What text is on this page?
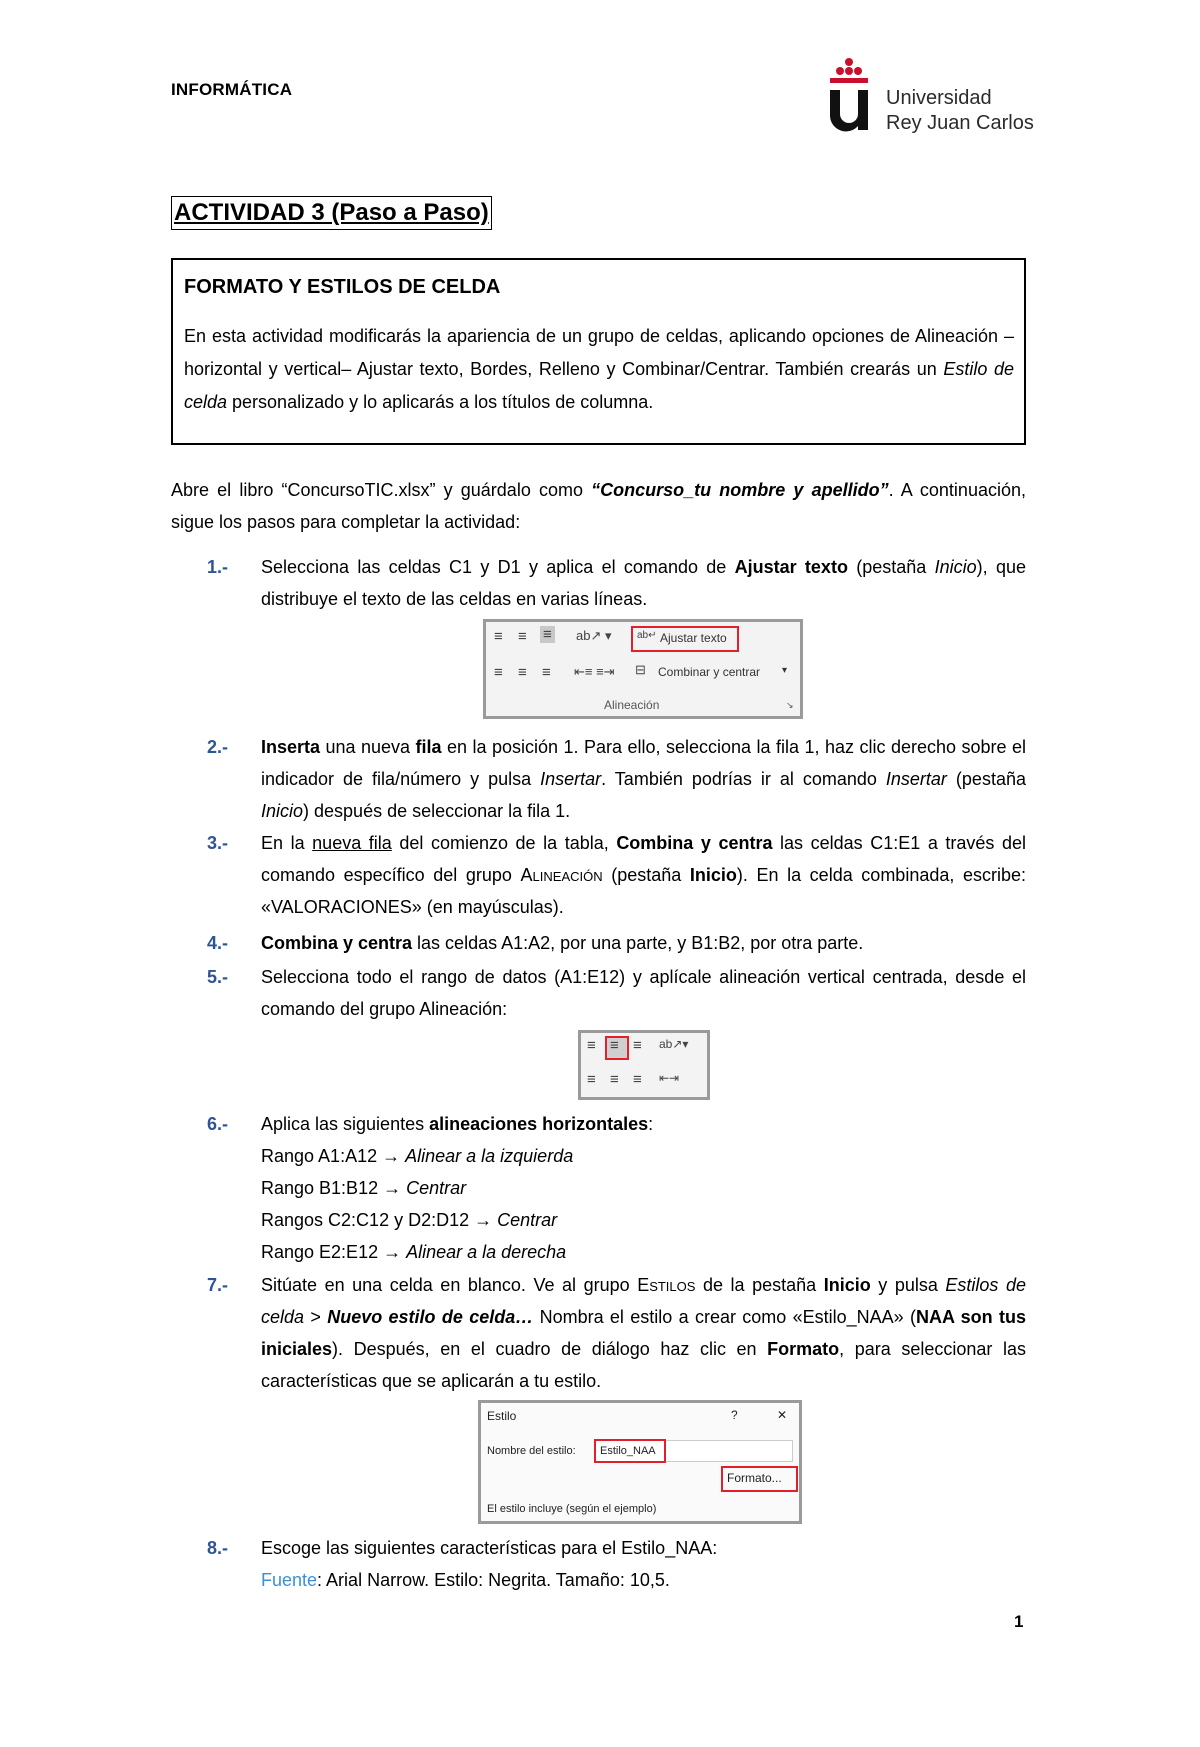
INFORMÁTICA	Universidad
Rey Juan Carlos
ACTIVIDAD 3 (Paso a Paso)
FORMATO Y ESTILOS DE CELDA

En esta actividad modificarás la apariencia de un grupo de celdas, aplicando opciones de Alineación –horizontal y vertical– Ajustar texto, Bordes, Relleno y Combinar/Centrar. También crearás un Estilo de celda personalizado y lo aplicarás a los títulos de columna.

Abre el libro “ConcursoTIC.xlsx” y guárdalo como “Concurso_tu nombre y apellido”. A continuación, sigue los pasos para completar la actividad:
1.- Selecciona las celdas C1 y D1 y aplica el comando de Ajustar texto (pestaña Inicio), que distribuye el texto de las celdas en varias líneas.
≡ ≡ ≡ ab↗ ▾
≡ ≡ ≡ ⇤≡ ≡⇥
ab↵ Ajustar texto
⊟ Combinar y centrar ▾
Alineación	↘
2.- Inserta una nueva fila en la posición 1. Para ello, selecciona la fila 1, haz clic derecho sobre el indicador de fila/número y pulsa Insertar. También podrías ir al comando Insertar (pestaña Inicio) después de seleccionar la fila 1.
3.- En la nueva fila del comienzo de la tabla, Combina y centra las celdas C1:E1 a través del comando específico del grupo Alineación (pestaña Inicio). En la celda combinada, escribe: «VALORACIONES» (en mayúsculas).
4.- Combina y centra las celdas A1:A2, por una parte, y B1:B2, por otra parte.
5.- Selecciona todo el rango de datos (A1:E12) y aplícale alineación vertical centrada, desde el comando del grupo Alineación:
≡ ≡ ≡ ab↗▾
≡ ≡ ≡ ⇤⇥
6.- Aplica las siguientes alineaciones horizontales:
Rango A1:A12 → Alinear a la izquierda
Rango B1:B12 → Centrar
Rangos C2:C12 y D2:D12 → Centrar
Rango E2:E12 → Alinear a la derecha
7.- Sitúate en una celda en blanco. Ve al grupo Estilos de la pestaña Inicio y pulsa Estilos de celda > Nuevo estilo de celda… Nombra el estilo a crear como «Estilo_NAA» (NAA son tus iniciales). Después, en el cuadro de diálogo haz clic en Formato, para seleccionar las características que se aplicarán a tu estilo.
Estilo	?	✕
Nombre del estilo: Estilo_NAA
Formato...
El estilo incluye (según el ejemplo)
8.- Escoge las siguientes características para el Estilo_NAA:
Fuente: Arial Narrow. Estilo: Negrita. Tamaño: 10,5.
1
